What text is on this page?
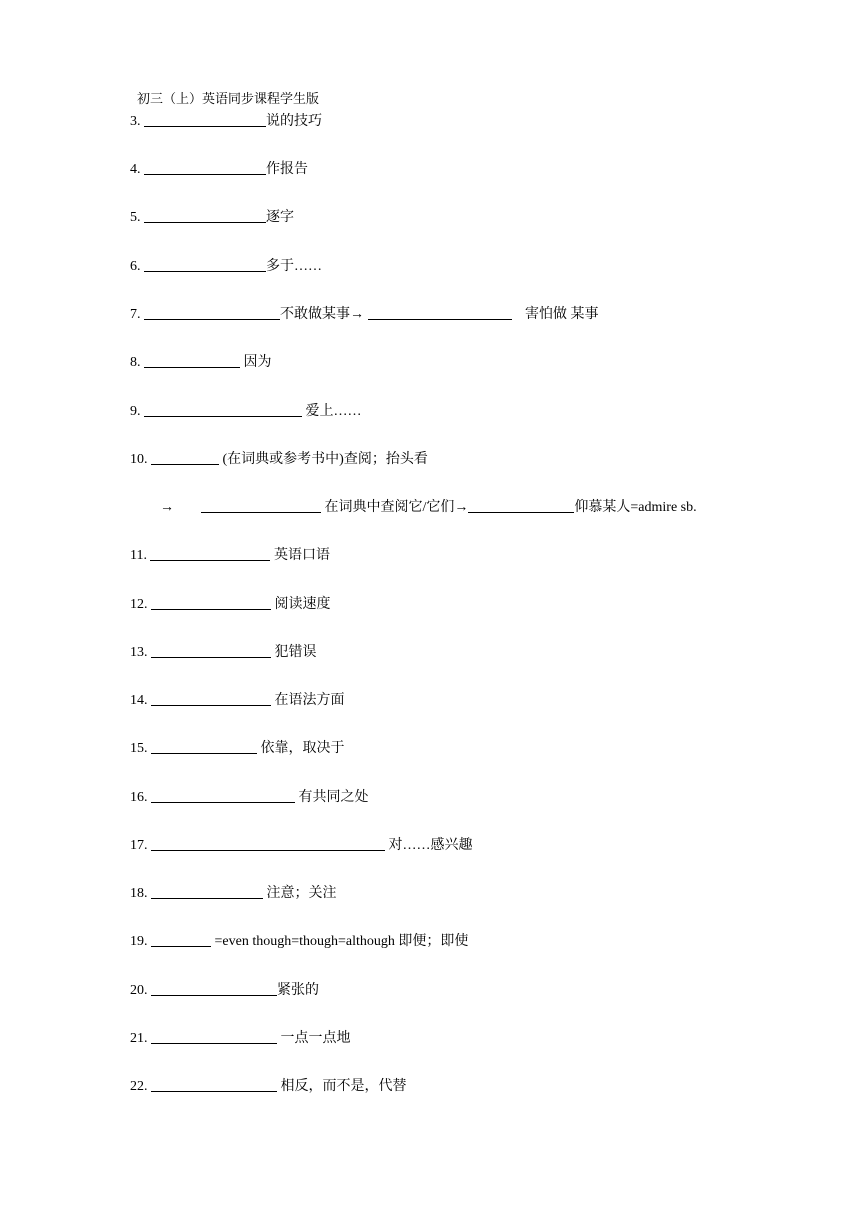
初三（上）英语同步课程学生版
3.	说的技巧
4.	作报告
5.	逐字
6.	多于……
7.	不敢做某事→	害怕做 某事
8.	因为
9.	爱上……
10.	(在词典或参考书中)查阅；抬头看
→	在词典中查阅它/它们→	仰慕某人=admire sb.
11.	英语口语
12.	阅读速度
13.	犯错误
14.	在语法方面
15.	依靠，取决于
16.	有共同之处
17.	对……感兴趣
18.	注意；关注
19.	=even though=though=although 即便；即使
20.	紧张的
21.	一点一点地
22.	相反，而不是，代替
